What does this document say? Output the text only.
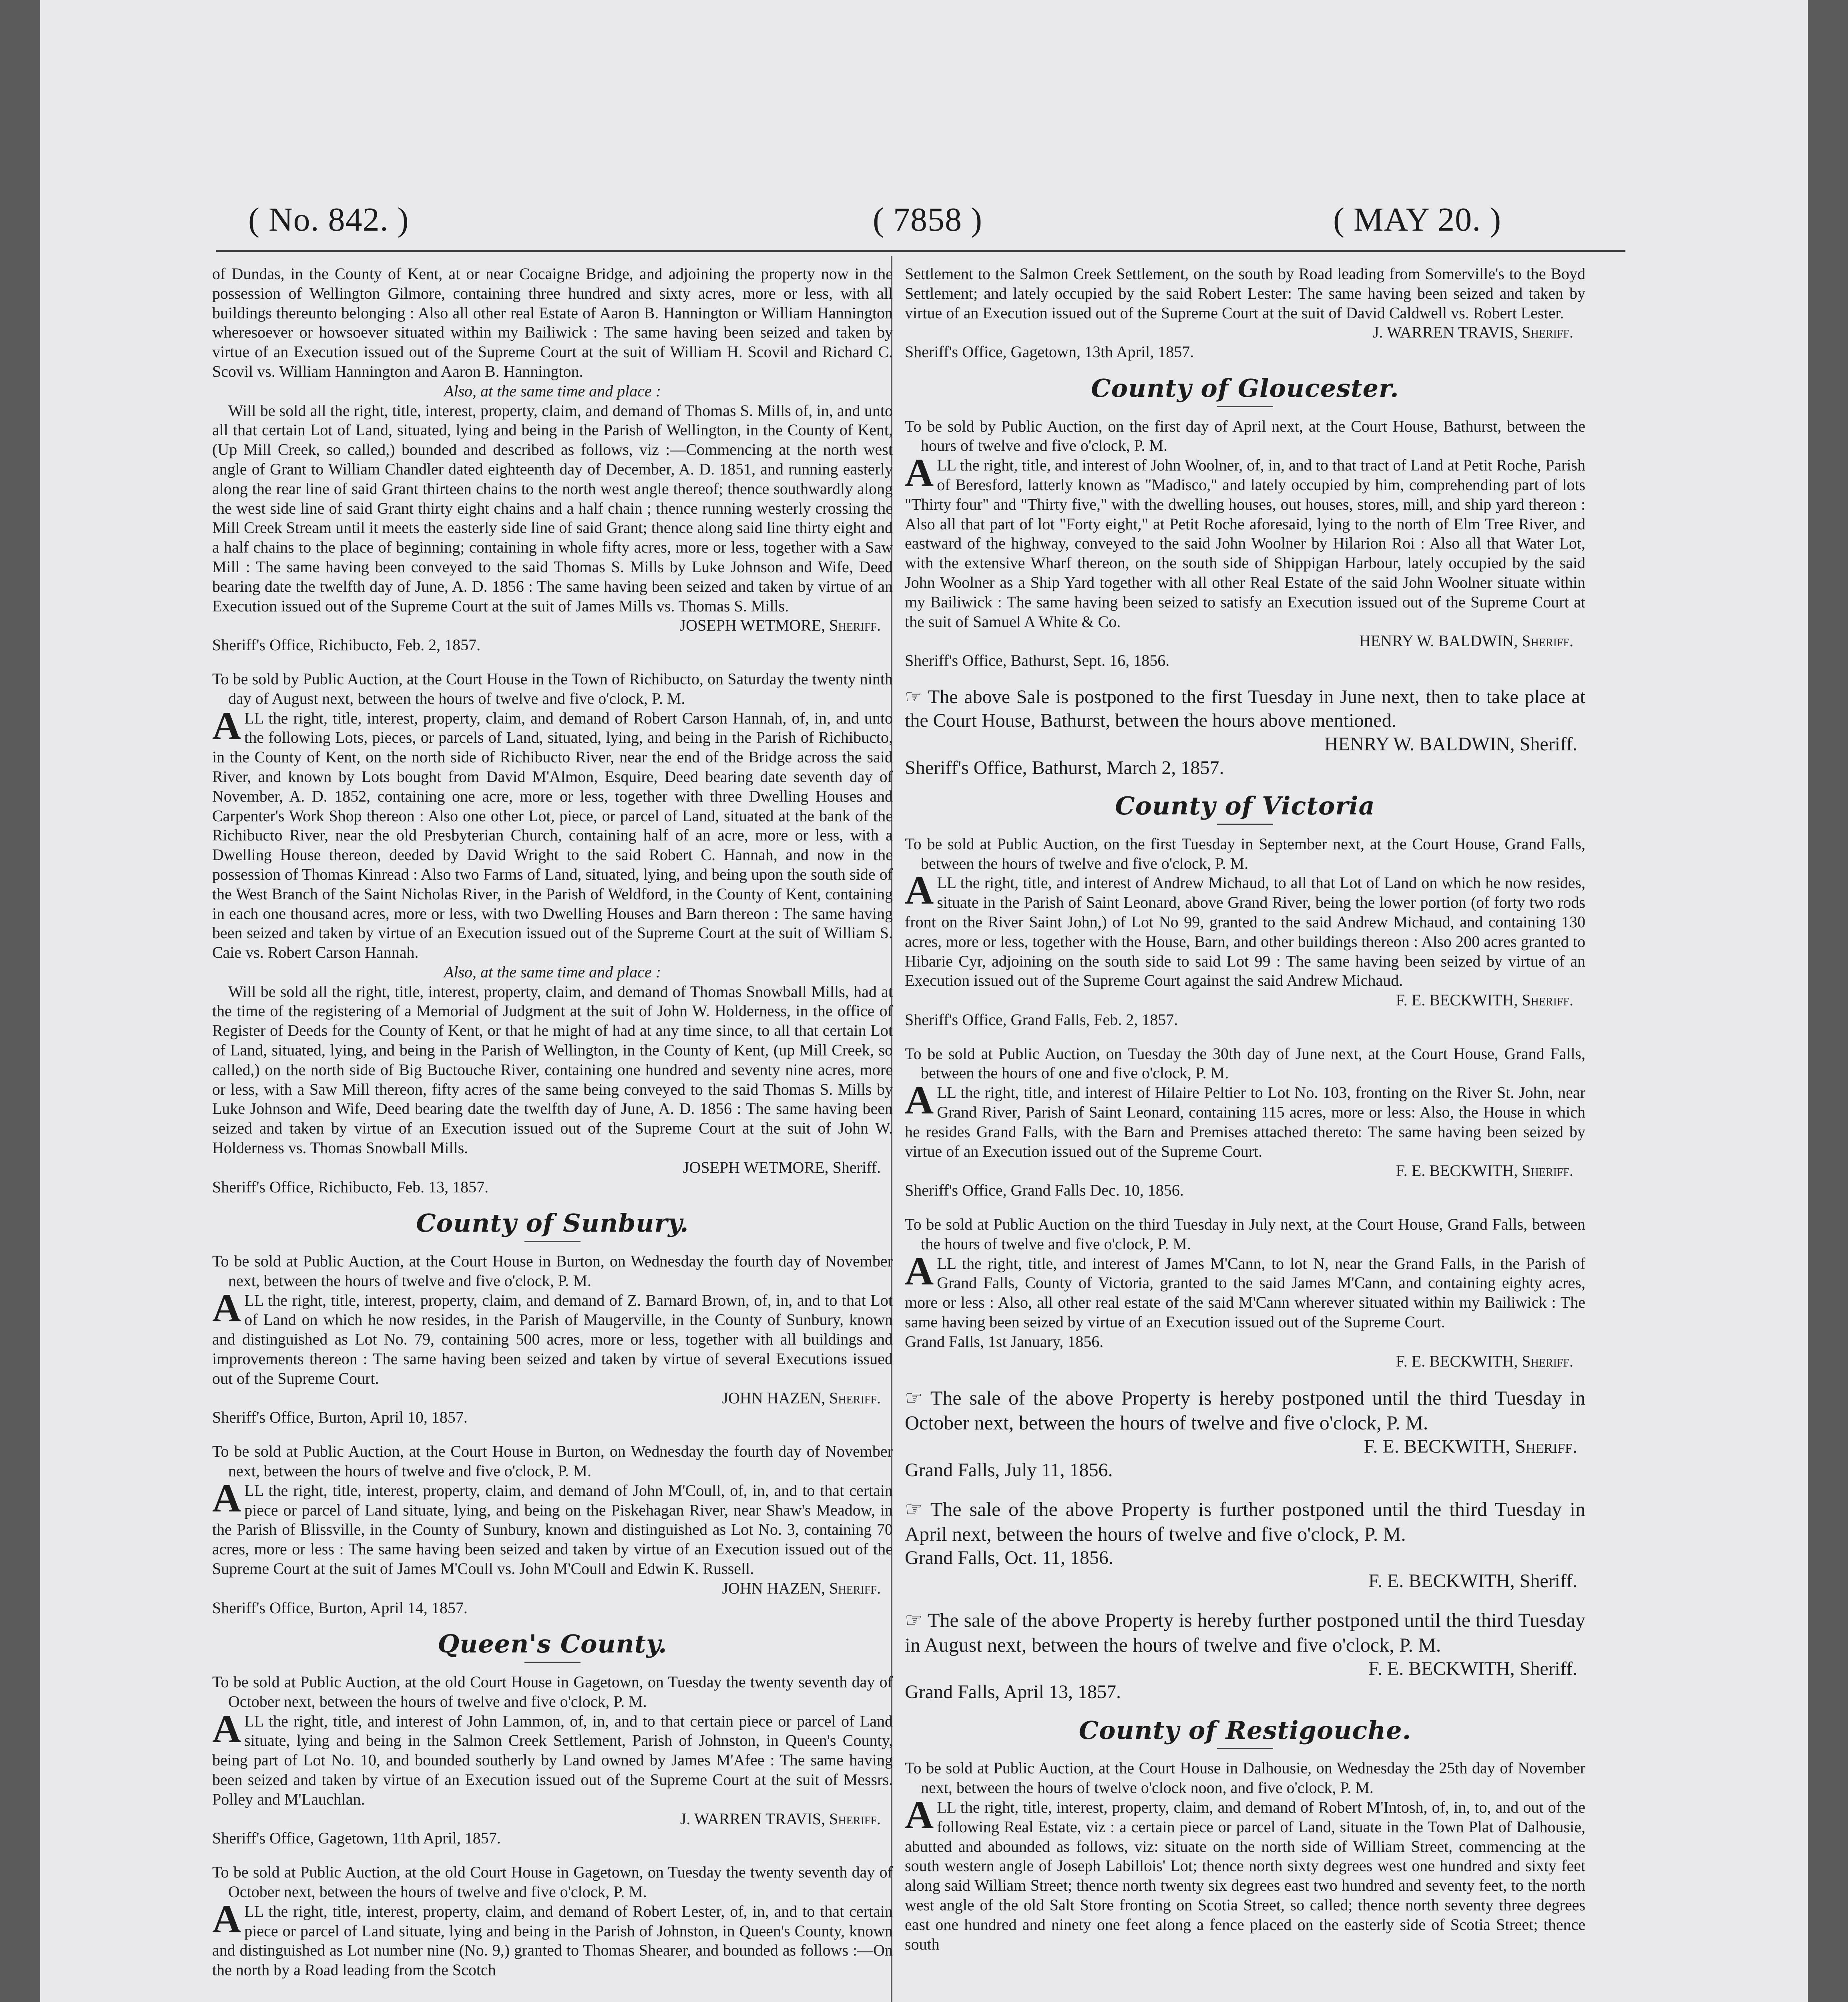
( No. 842. )	( 7858 )	( MAY 20. )

of Dundas, in the County of Kent, at or near Cocaigne Bridge, and adjoining the property now in the possession of Wellington Gilmore, containing three hundred and sixty acres, more or less, with all buildings thereunto belonging : Also all other real Estate of Aaron B. Hannington or William Hannington wheresoever or howsoever situated within my Bailiwick : The same having been seized and taken by virtue of an Execution issued out of the Supreme Court at the suit of William H. Scovil and Richard C. Scovil vs. William Hannington and Aaron B. Hannington.

Also, at the same time and place :

Will be sold all the right, title, interest, property, claim, and demand of Thomas S. Mills of, in, and unto all that certain Lot of Land, situated, lying and being in the Parish of Wellington, in the County of Kent, (Up Mill Creek, so called,) bounded and described as follows, viz :—Commencing at the north west angle of Grant to William Chandler dated eighteenth day of December, A. D. 1851, and running easterly along the rear line of said Grant thirteen chains to the north west angle thereof; thence southwardly along the west side line of said Grant thirty eight chains and a half chain ; thence running westerly crossing the Mill Creek Stream until it meets the easterly side line of said Grant; thence along said line thirty eight and a half chains to the place of beginning; containing in whole fifty acres, more or less, together with a Saw Mill : The same having been conveyed to the said Thomas S. Mills by Luke Johnson and Wife, Deed bearing date the twelfth day of June, A. D. 1856 : The same having been seized and taken by virtue of an Execution issued out of the Supreme Court at the suit of James Mills vs. Thomas S. Mills.

JOSEPH WETMORE, Sheriff.

Sheriff's Office, Richibucto, Feb. 2, 1857.

To be sold by Public Auction, at the Court House in the Town of Richibucto, on Saturday the twenty ninth day of August next, between the hours of twelve and five o'clock, P. M.

ALL the right, title, interest, property, claim, and demand of Robert Carson Hannah, of, in, and unto the following Lots, pieces, or parcels of Land, situated, lying, and being in the Parish of Richibucto, in the County of Kent, on the north side of Richibucto River, near the end of the Bridge across the said River, and known by Lots bought from David M'Almon, Esquire, Deed bearing date seventh day of November, A. D. 1852, containing one acre, more or less, together with three Dwelling Houses and Carpenter's Work Shop thereon : Also one other Lot, piece, or parcel of Land, situated at the bank of the Richibucto River, near the old Presbyterian Church, containing half of an acre, more or less, with a Dwelling House thereon, deeded by David Wright to the said Robert C. Hannah, and now in the possession of Thomas Kinread : Also two Farms of Land, situated, lying, and being upon the south side of the West Branch of the Saint Nicholas River, in the Parish of Weldford, in the County of Kent, containing in each one thousand acres, more or less, with two Dwelling Houses and Barn thereon : The same having been seized and taken by virtue of an Execution issued out of the Supreme Court at the suit of William S. Caie vs. Robert Carson Hannah.

Also, at the same time and place :

Will be sold all the right, title, interest, property, claim, and demand of Thomas Snowball Mills, had at the time of the registering of a Memorial of Judgment at the suit of John W. Holderness, in the office of Register of Deeds for the County of Kent, or that he might of had at any time since, to all that certain Lot of Land, situated, lying, and being in the Parish of Wellington, in the County of Kent, (up Mill Creek, so called,) on the north side of Big Buctouche River, containing one hundred and seventy nine acres, more or less, with a Saw Mill thereon, fifty acres of the same being conveyed to the said Thomas S. Mills by Luke Johnson and Wife, Deed bearing date the twelfth day of June, A. D. 1856 : The same having been seized and taken by virtue of an Execution issued out of the Supreme Court at the suit of John W. Holderness vs. Thomas Snowball Mills.

JOSEPH WETMORE, Sheriff.

Sheriff's Office, Richibucto, Feb. 13, 1857.

County of Sunbury.

To be sold at Public Auction, at the Court House in Burton, on Wednesday the fourth day of November next, between the hours of twelve and five o'clock, P. M.

ALL the right, title, interest, property, claim, and demand of Z. Barnard Brown, of, in, and to that Lot of Land on which he now resides, in the Parish of Maugerville, in the County of Sunbury, known and distinguished as Lot No. 79, containing 500 acres, more or less, together with all buildings and improvements thereon : The same having been seized and taken by virtue of several Executions issued out of the Supreme Court.

JOHN HAZEN, Sheriff.

Sheriff's Office, Burton, April 10, 1857.

To be sold at Public Auction, at the Court House in Burton, on Wednesday the fourth day of November next, between the hours of twelve and five o'clock, P. M.

ALL the right, title, interest, property, claim, and demand of John M'Coull, of, in, and to that certain piece or parcel of Land situate, lying, and being on the Piskehagan River, near Shaw's Meadow, in the Parish of Blissville, in the County of Sunbury, known and distinguished as Lot No. 3, containing 70 acres, more or less : The same having been seized and taken by virtue of an Execution issued out of the Supreme Court at the suit of James M'Coull vs. John M'Coull and Edwin K. Russell.

JOHN HAZEN, Sheriff.

Sheriff's Office, Burton, April 14, 1857.

Queen's County.

To be sold at Public Auction, at the old Court House in Gagetown, on Tuesday the twenty seventh day of October next, between the hours of twelve and five o'clock, P. M.

ALL the right, title, and interest of John Lammon, of, in, and to that certain piece or parcel of Land situate, lying and being in the Salmon Creek Settlement, Parish of Johnston, in Queen's County, being part of Lot No. 10, and bounded southerly by Land owned by James M'Afee : The same having been seized and taken by virtue of an Execution issued out of the Supreme Court at the suit of Messrs. Polley and M'Lauchlan.

J. WARREN TRAVIS, Sheriff.

Sheriff's Office, Gagetown, 11th April, 1857.

To be sold at Public Auction, at the old Court House in Gagetown, on Tuesday the twenty seventh day of October next, between the hours of twelve and five o'clock, P. M.

ALL the right, title, interest, property, claim, and demand of Robert Lester, of, in, and to that certain piece or parcel of Land situate, lying and being in the Parish of Johnston, in Queen's County, known and distinguished as Lot number nine (No. 9,) granted to Thomas Shearer, and bounded as follows :—On the north by a Road leading from the Scotch

Settlement to the Salmon Creek Settlement, on the south by Road leading from Somerville's to the Boyd Settlement; and lately occupied by the said Robert Lester: The same having been seized and taken by virtue of an Execution issued out of the Supreme Court at the suit of David Caldwell vs. Robert Lester.

J. WARREN TRAVIS, Sheriff.

Sheriff's Office, Gagetown, 13th April, 1857.

County of Gloucester.

To be sold by Public Auction, on the first day of April next, at the Court House, Bathurst, between the hours of twelve and five o'clock, P. M.

ALL the right, title, and interest of John Woolner, of, in, and to that tract of Land at Petit Roche, Parish of Beresford, latterly known as "Madisco," and lately occupied by him, comprehending part of lots "Thirty four" and "Thirty five," with the dwelling houses, out houses, stores, mill, and ship yard thereon : Also all that part of lot "Forty eight," at Petit Roche aforesaid, lying to the north of Elm Tree River, and eastward of the highway, conveyed to the said John Woolner by Hilarion Roi : Also all that Water Lot, with the extensive Wharf thereon, on the south side of Shippigan Harbour, lately occupied by the said John Woolner as a Ship Yard together with all other Real Estate of the said John Woolner situate within my Bailiwick : The same having been seized to satisfy an Execution issued out of the Supreme Court at the suit of Samuel A White & Co.

HENRY W. BALDWIN, Sheriff.

Sheriff's Office, Bathurst, Sept. 16, 1856.

☞ The above Sale is postponed to the first Tuesday in June next, then to take place at the Court House, Bathurst, between the hours above mentioned.

HENRY W. BALDWIN, Sheriff.

Sheriff's Office, Bathurst, March 2, 1857.

County of Victoria

To be sold at Public Auction, on the first Tuesday in September next, at the Court House, Grand Falls, between the hours of twelve and five o'clock, P. M.

ALL the right, title, and interest of Andrew Michaud, to all that Lot of Land on which he now resides, situate in the Parish of Saint Leonard, above Grand River, being the lower portion (of forty two rods front on the River Saint John,) of Lot No 99, granted to the said Andrew Michaud, and containing 130 acres, more or less, together with the House, Barn, and other buildings thereon : Also 200 acres granted to Hibarie Cyr, adjoining on the south side to said Lot 99 : The same having been seized by virtue of an Execution issued out of the Supreme Court against the said Andrew Michaud.

F. E. BECKWITH, Sheriff.

Sheriff's Office, Grand Falls, Feb. 2, 1857.

To be sold at Public Auction, on Tuesday the 30th day of June next, at the Court House, Grand Falls, between the hours of one and five o'clock, P. M.

ALL the right, title, and interest of Hilaire Peltier to Lot No. 103, fronting on the River St. John, near Grand River, Parish of Saint Leonard, containing 115 acres, more or less: Also, the House in which he resides Grand Falls, with the Barn and Premises attached thereto: The same having been seized by virtue of an Execution issued out of the Supreme Court.

F. E. BECKWITH, Sheriff.

Sheriff's Office, Grand Falls Dec. 10, 1856.

To be sold at Public Auction on the third Tuesday in July next, at the Court House, Grand Falls, between the hours of twelve and five o'clock, P. M.

ALL the right, title, and interest of James M'Cann, to lot N, near the Grand Falls, in the Parish of Grand Falls, County of Victoria, granted to the said James M'Cann, and containing eighty acres, more or less : Also, all other real estate of the said M'Cann wherever situated within my Bailiwick : The same having been seized by virtue of an Execution issued out of the Supreme Court.

Grand Falls, 1st January, 1856.

F. E. BECKWITH, Sheriff.

☞ The sale of the above Property is hereby postponed until the third Tuesday in October next, between the hours of twelve and five o'clock, P. M.

F. E. BECKWITH, Sheriff.

Grand Falls, July 11, 1856.

☞ The sale of the above Property is further postponed until the third Tuesday in April next, between the hours of twelve and five o'clock, P. M.

Grand Falls, Oct. 11, 1856.

F. E. BECKWITH, Sheriff.

☞ The sale of the above Property is hereby further postponed until the third Tuesday in August next, between the hours of twelve and five o'clock, P. M.

F. E. BECKWITH, Sheriff.

Grand Falls, April 13, 1857.

County of Restigouche.

To be sold at Public Auction, at the Court House in Dalhousie, on Wednesday the 25th day of November next, between the hours of twelve o'clock noon, and five o'clock, P. M.

ALL the right, title, interest, property, claim, and demand of Robert M'Intosh, of, in, to, and out of the following Real Estate, viz : a certain piece or parcel of Land, situate in the Town Plat of Dalhousie, abutted and abounded as follows, viz: situate on the north side of William Street, commencing at the south western angle of Joseph Labillois' Lot; thence north sixty degrees west one hundred and sixty feet along said William Street; thence north twenty six degrees east two hundred and seventy feet, to the north west angle of the old Salt Store fronting on Scotia Street, so called; thence north seventy three degrees east one hundred and ninety one feet along a fence placed on the easterly side of Scotia Street; thence south
